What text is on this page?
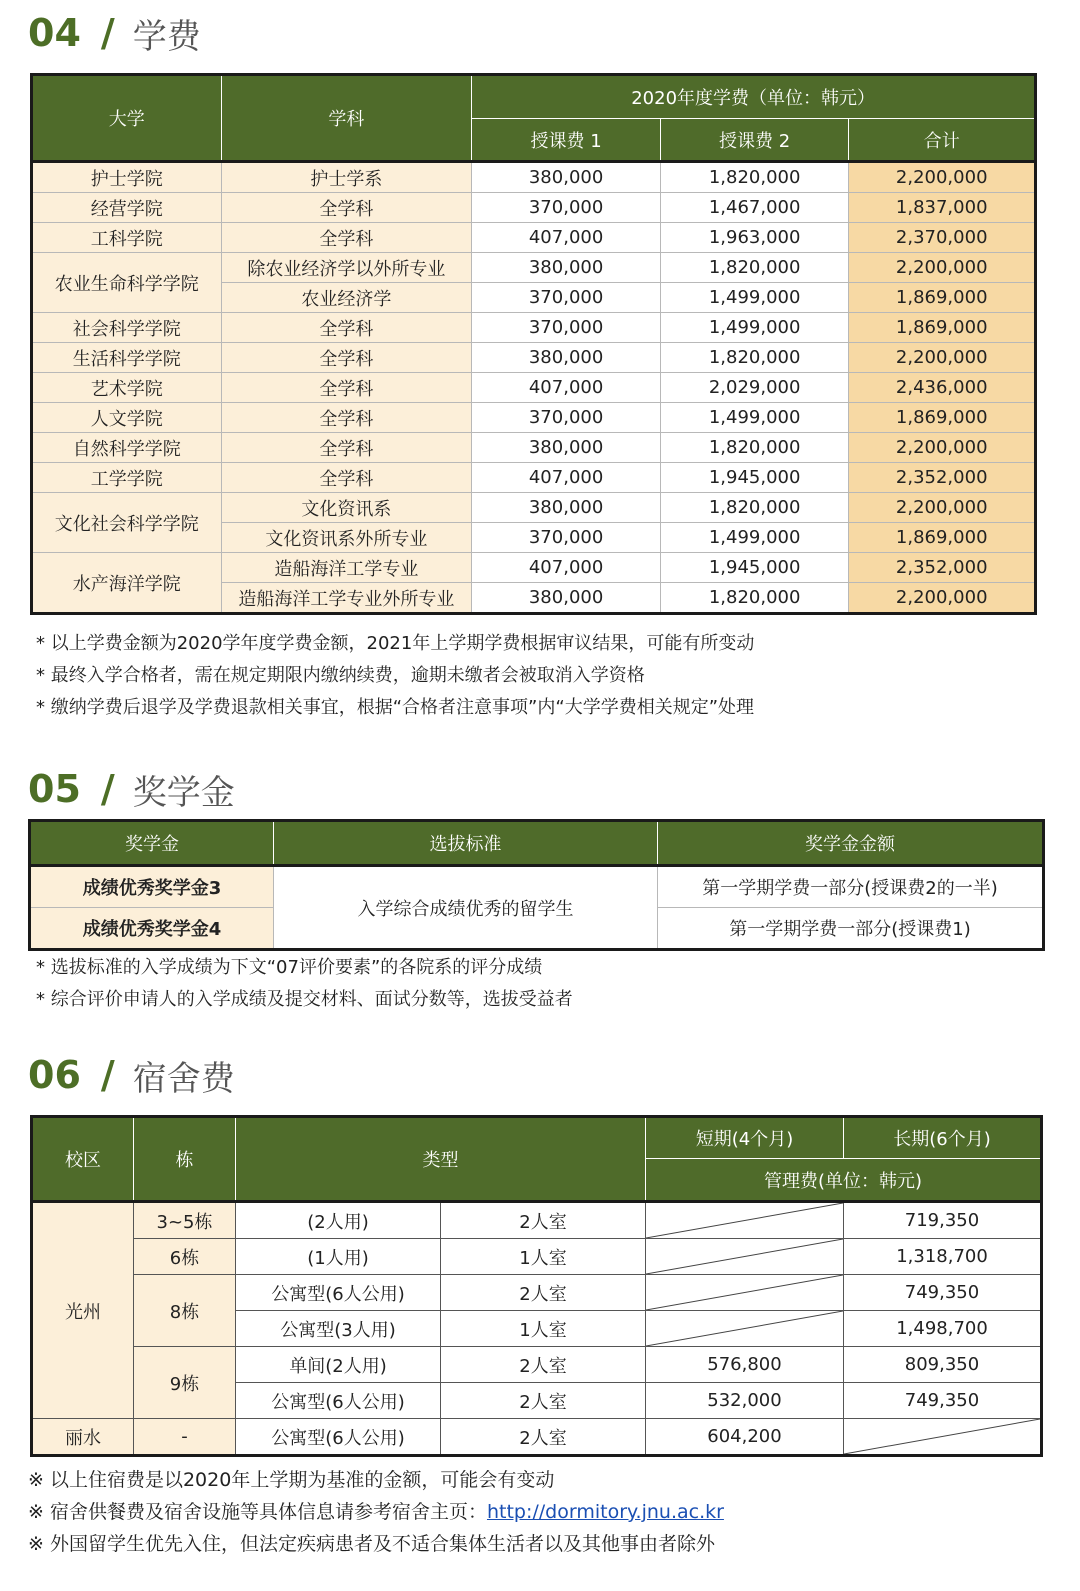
04 / 学费
大学	学科	2020年度学费（单位：韩元）		
		授课费 1	授课费 2	合计
护士学院	护士学系	380,000	1,820,000	2,200,000
经营学院	全学科	370,000	1,467,000	1,837,000
工科学院	全学科	407,000	1,963,000	2,370,000
农业生命科学学院	除农业经济学以外所专业	380,000	1,820,000	2,200,000
	农业经济学	370,000	1,499,000	1,869,000
社会科学学院	全学科	370,000	1,499,000	1,869,000
生活科学学院	全学科	380,000	1,820,000	2,200,000
艺术学院	全学科	407,000	2,029,000	2,436,000
人文学院	全学科	370,000	1,499,000	1,869,000
自然科学学院	全学科	380,000	1,820,000	2,200,000
工学学院	全学科	407,000	1,945,000	2,352,000
文化社会科学学院	文化资讯系	380,000	1,820,000	2,200,000
	文化资讯系外所专业	370,000	1,499,000	1,869,000
水产海洋学院	造船海洋工学专业	407,000	1,945,000	2,352,000
	造船海洋工学专业外所专业	380,000	1,820,000	2,200,000
* 以上学费金额为2020学年度学费金额，2021年上学期学费根据审议结果，可能有所变动
* 最终入学合格者，需在规定期限内缴纳续费，逾期未缴者会被取消入学资格
* 缴纳学费后退学及学费退款相关事宜，根据“合格者注意事项”内“大学学费相关规定”处理
05 / 奖学金
奖学金	选拔标准	奖学金金额
成绩优秀奖学金3	入学综合成绩优秀的留学生	第一学期学费一部分(授课费2的一半)
成绩优秀奖学金4		第一学期学费一部分(授课费1)
* 选拔标准的入学成绩为下文“07评价要素”的各院系的评分成绩
* 综合评价申请人的入学成绩及提交材料、面试分数等，选拔受益者
06 / 宿舍费
校区	栋	类型		短期(4个月)	长期(6个月)
				管理费(单位：韩元)	
光州	3~5栋	(2人用)	2人室		719,350
	6栋	(1人用)	1人室		1,318,700
	8栋	公寓型(6人公用)	2人室		749,350
		公寓型(3人用)	1人室		1,498,700
	9栋	单间(2人用)	2人室	576,800	809,350
		公寓型(6人公用)	2人室	532,000	749,350
丽水	-	公寓型(6人公用)	2人室	604,200	
※ 以上住宿费是以2020年上学期为基准的金额，可能会有变动
※ 宿舍供餐费及宿舍设施等具体信息请参考宿舍主页：http://dormitory.jnu.ac.kr
※ 外国留学生优先入住，但法定疾病患者及不适合集体生活者以及其他事由者除外
